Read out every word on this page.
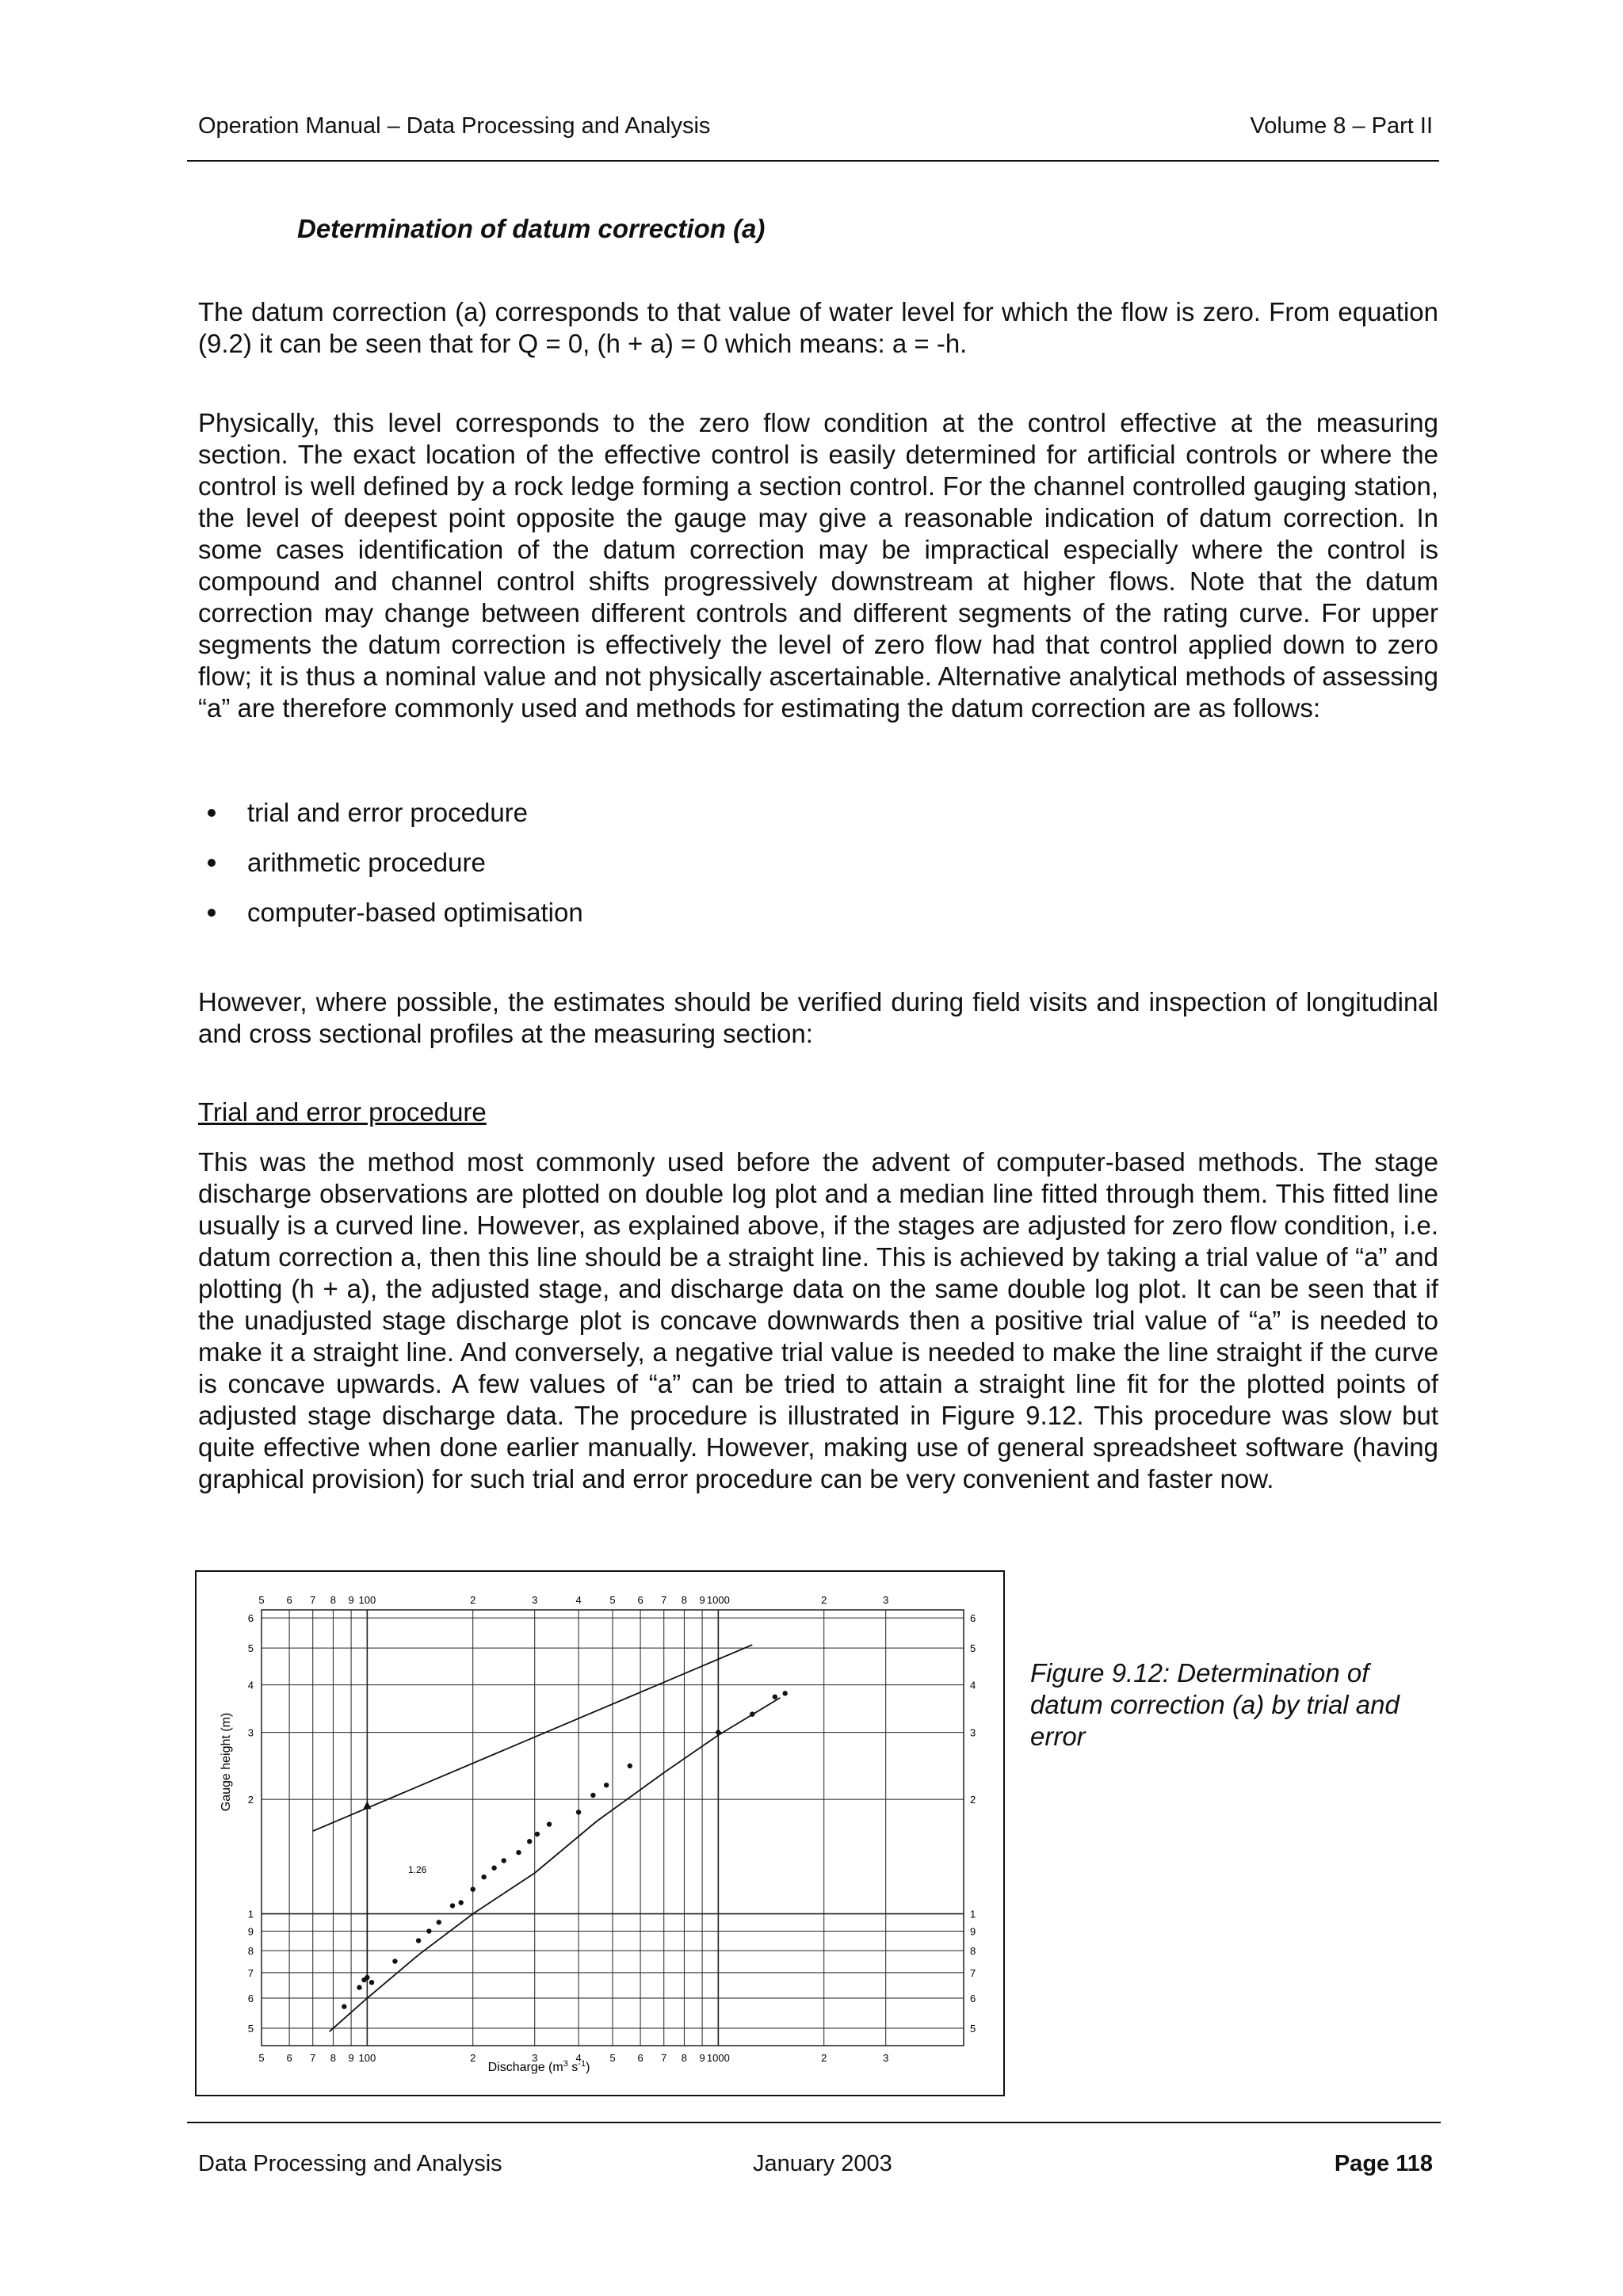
Operation Manual – Data Processing and Analysis	Volume 8 – Part II
Determination of datum correction (a)
The datum correction (a) corresponds to that value of water level for which the flow is zero. From equation (9.2) it can be seen that for Q = 0, (h + a) = 0 which means: a = -h.
Physically, this level corresponds to the zero flow condition at the control effective at the measuring section. The exact location of the effective control is easily determined for artificial controls or where the control is well defined by a rock ledge forming a section control. For the channel controlled gauging station, the level of deepest point opposite the gauge may give a reasonable indication of datum correction. In some cases identification of the datum correction may be impractical especially where the control is compound and channel control shifts progressively downstream at higher flows. Note that the datum correction may change between different controls and different segments of the rating curve. For upper segments the datum correction is effectively the level of zero flow had that control applied down to zero flow; it is thus a nominal value and not physically ascertainable. Alternative analytical methods of assessing “a” are therefore commonly used and methods for estimating the datum correction are as follows:
trial and error procedure
arithmetic procedure
computer-based optimisation
However, where possible, the estimates should be verified during field visits and inspection of longitudinal and cross sectional profiles at the measuring section:
Trial and error procedure
This was the method most commonly used before the advent of computer-based methods. The stage discharge observations are plotted on double log plot and a median line fitted through them. This fitted line usually is a curved line. However, as explained above, if the stages are adjusted for zero flow condition, i.e. datum correction a, then this line should be a straight line. This is achieved by taking a trial value of “a” and plotting (h + a), the adjusted stage, and discharge data on the same double log plot. It can be seen that if the unadjusted stage discharge plot is concave downwards then a positive trial value of “a” is needed to make it a straight line. And conversely, a negative trial value is needed to make the line straight if the curve is concave upwards. A few values of “a” can be tried to attain a straight line fit for the plotted points of adjusted stage discharge data. The procedure is illustrated in Figure 9.12. This procedure was slow but quite effective when done earlier manually. However, making use of general spreadsheet software (having graphical provision) for such trial and error procedure can be very convenient and faster now.
5 6 7 8 9 100	2	3	4	5 6 7 8 9 1000	2	3
5 6 7 8 9 100	2	3	4	5 6 7 8 9 1000	2	3
6
5
4
3
2
1
9
8
7
6
5
6
5
4
3
2
1
9
8
7
6
5
Gauge height (m)
Discharge ($m^3$ $s^{-1}$)
1.26
Figure 9.12: Determination of datum correction (a) by trial and error
Data Processing and Analysis	January 2003	Page 118
